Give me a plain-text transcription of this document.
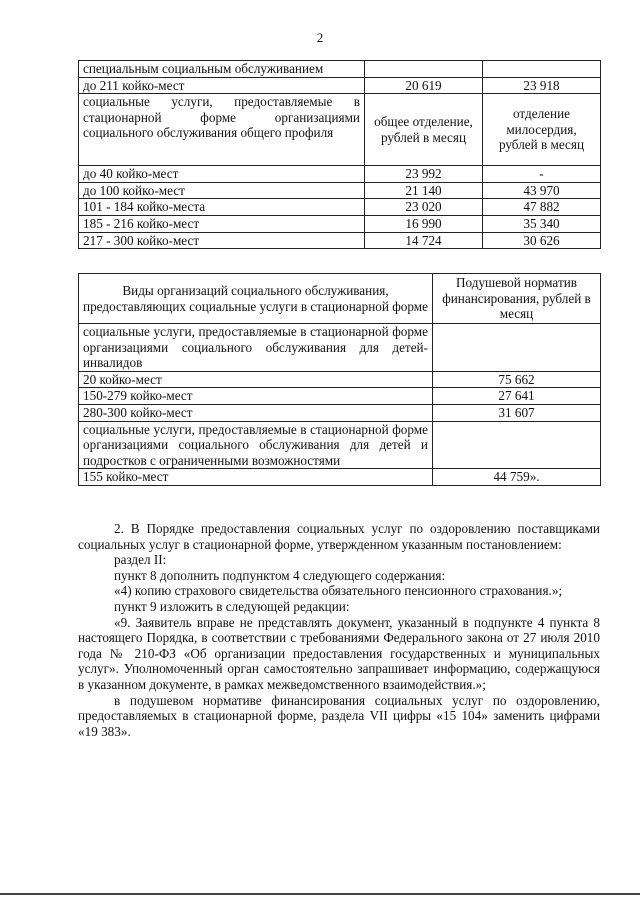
2
специальным социальным обслуживанием		
до 211 койко-мест	20 619	23 918
социальные услуги, предоставляемые в стационарной форме организациями социального обслуживания общего профиля	общее отделение, рублей в месяц	отделение милосердия, рублей в месяц
до 40 койко-мест	23 992	-
до 100 койко-мест	21 140	43 970
101 - 184 койко-места	23 020	47 882
185 - 216 койко-мест	16 990	35 340
217 - 300 койко-мест	14 724	30 626
Виды организаций социального обслуживания, предоставляющих социальные услуги в стационарной форме	Подушевой норматив финансирования, рублей в месяц
социальные услуги, предоставляемые в стационарной форме организациями социального обслуживания для детей-инвалидов	
20 койко-мест	75 662
150-279 койко-мест	27 641
280-300 койко-мест	31 607
социальные услуги, предоставляемые в стационарной форме организациями социального обслуживания для детей и подростков с ограниченными возможностями	
155 койко-мест	44 759».

2. В Порядке предоставления социальных услуг по оздоровлению поставщиками социальных услуг в стационарной форме, утвержденном указанным постановлением:

раздел II:

пункт 8 дополнить подпунктом 4 следующего содержания:

«4) копию страхового свидетельства обязательного пенсионного страхования.»;

пункт 9 изложить в следующей редакции:

«9. Заявитель вправе не представлять документ, указанный в подпункте 4 пункта 8 настоящего Порядка, в соответствии с требованиями Федерального закона от 27 июля 2010 года № 210-ФЗ «Об организации предоставления государственных и муниципальных услуг». Уполномоченный орган самостоятельно запрашивает информацию, содержащуюся в указанном документе, в рамках межведомственного взаимодействия.»;

в подушевом нормативе финансирования социальных услуг по оздоровлению, предоставляемых в стационарной форме, раздела VII цифры «15 104» заменить цифрами «19 383».
